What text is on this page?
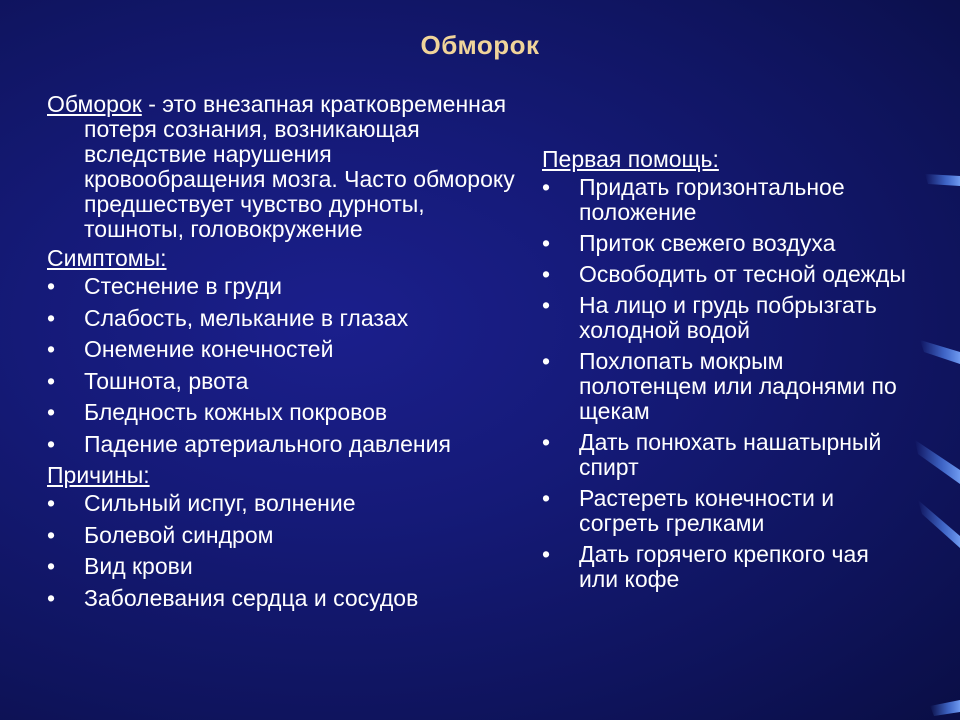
Обморок

Обморок - это внезапная кратковременная потеря сознания, возникающая вследствие нарушения кровообращения мозга. Часто обмороку предшествует чувство дурноты, тошноты, головокружение

Симптомы:
• Стеснение в груди
• Слабость, мелькание в глазах
• Онемение конечностей
• Тошнота, рвота
• Бледность кожных покровов
• Падение артериального давления
Причины:
• Сильный испуг, волнение
• Болевой синдром
• Вид крови
• Заболевания сердца и сосудов
Первая помощь:
• Придать горизонтальное положение
• Приток свежего воздуха
• Освободить от тесной одежды
• На лицо и грудь побрызгать холодной водой
• Похлопать мокрым полотенцем или ладонями по щекам
• Дать понюхать нашатырный спирт
• Растереть конечности и согреть грелками
• Дать горячего крепкого чая или кофе
